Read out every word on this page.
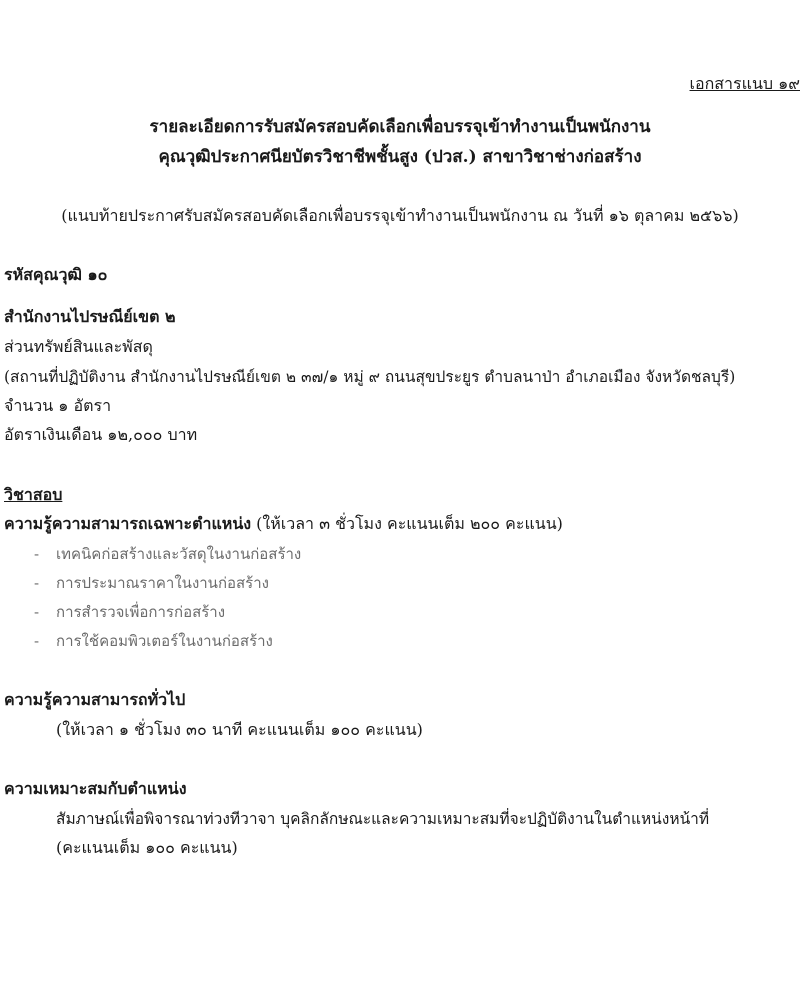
เอกสารแนบ ๑๙
รายละเอียดการรับสมัครสอบคัดเลือกเพื่อบรรจุเข้าทำงานเป็นพนักงาน
คุณวุฒิประกาศนียบัตรวิชาชีพชั้นสูง (ปวส.) สาขาวิชาช่างก่อสร้าง
(แนบท้ายประกาศรับสมัครสอบคัดเลือกเพื่อบรรจุเข้าทำงานเป็นพนักงาน ณ วันที่ ๑๖ ตุลาคม ๒๕๖๖)
รหัสคุณวุฒิ ๑๐
สำนักงานไปรษณีย์เขต ๒
ส่วนทรัพย์สินและพัสดุ
(สถานที่ปฏิบัติงาน สำนักงานไปรษณีย์เขต ๒ ๓๗/๑ หมู่ ๙ ถนนสุขประยูร ตำบลนาป่า อำเภอเมือง จังหวัดชลบุรี)
จำนวน ๑ อัตรา
อัตราเงินเดือน ๑๒,๐๐๐ บาท
วิชาสอบ
ความรู้ความสามารถเฉพาะตำแหน่ง (ให้เวลา ๓ ชั่วโมง คะแนนเต็ม ๒๐๐ คะแนน)
- เทคนิคก่อสร้างและวัสดุในงานก่อสร้าง
- การประมาณราคาในงานก่อสร้าง
- การสำรวจเพื่อการก่อสร้าง
- การใช้คอมพิวเตอร์ในงานก่อสร้าง
ความรู้ความสามารถทั่วไป
(ให้เวลา ๑ ชั่วโมง ๓๐ นาที คะแนนเต็ม ๑๐๐ คะแนน)
ความเหมาะสมกับตำแหน่ง
สัมภาษณ์เพื่อพิจารณาท่วงทีวาจา บุคลิกลักษณะและความเหมาะสมที่จะปฏิบัติงานในตำแหน่งหน้าที่
(คะแนนเต็ม ๑๐๐ คะแนน)
